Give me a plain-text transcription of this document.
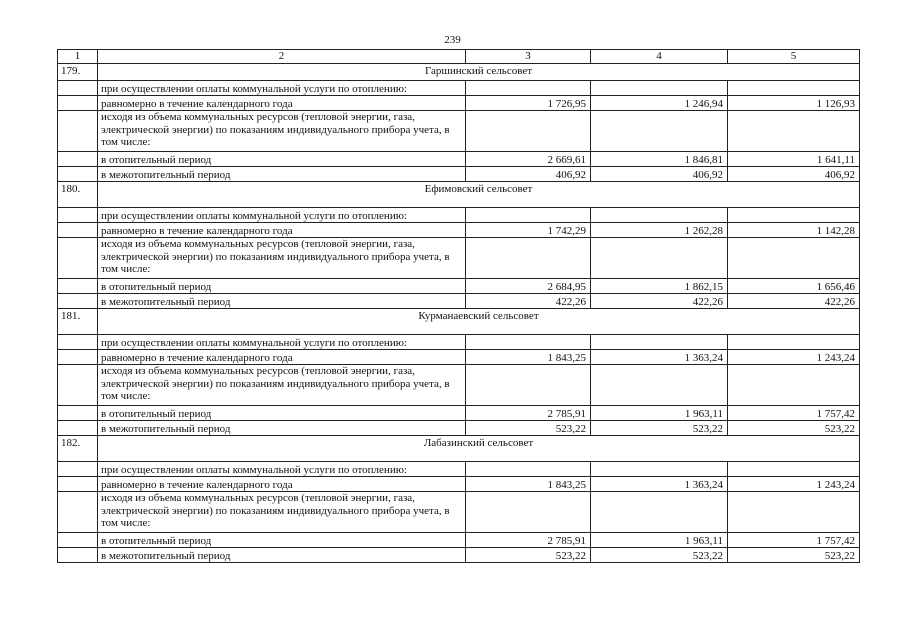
239
1	2	3	4	5
179.	Гаршинский сельсовет			
	при осуществлении оплаты коммунальной услуги по отоплению:			
	равномерно в течение календарного года	1 726,95	1 246,94	1 126,93
	исходя из объема коммунальных ресурсов (тепловой энергии, газа, электрической энергии) по показаниям индивидуального прибора учета, в том числе:			
	в отопительный период	2 669,61	1 846,81	1 641,11
	в межотопительный период	406,92	406,92	406,92
180.	Ефимовский сельсовет			
	при осуществлении оплаты коммунальной услуги по отоплению:			
	равномерно в течение календарного года	1 742,29	1 262,28	1 142,28
	исходя из объема коммунальных ресурсов (тепловой энергии, газа, электрической энергии) по показаниям индивидуального прибора учета, в том числе:			
	в отопительный период	2 684,95	1 862,15	1 656,46
	в межотопительный период	422,26	422,26	422,26
181.	Курманаевский сельсовет			
	при осуществлении оплаты коммунальной услуги по отоплению:			
	равномерно в течение календарного года	1 843,25	1 363,24	1 243,24
	исходя из объема коммунальных ресурсов (тепловой энергии, газа, электрической энергии) по показаниям индивидуального прибора учета, в том числе:			
	в отопительный период	2 785,91	1 963,11	1 757,42
	в межотопительный период	523,22	523,22	523,22
182.	Лабазинский сельсовет			
	при осуществлении оплаты коммунальной услуги по отоплению:			
	равномерно в течение календарного года	1 843,25	1 363,24	1 243,24
	исходя из объема коммунальных ресурсов (тепловой энергии, газа, электрической энергии) по показаниям индивидуального прибора учета, в том числе:			
	в отопительный период	2 785,91	1 963,11	1 757,42
	в межотопительный период	523,22	523,22	523,22
